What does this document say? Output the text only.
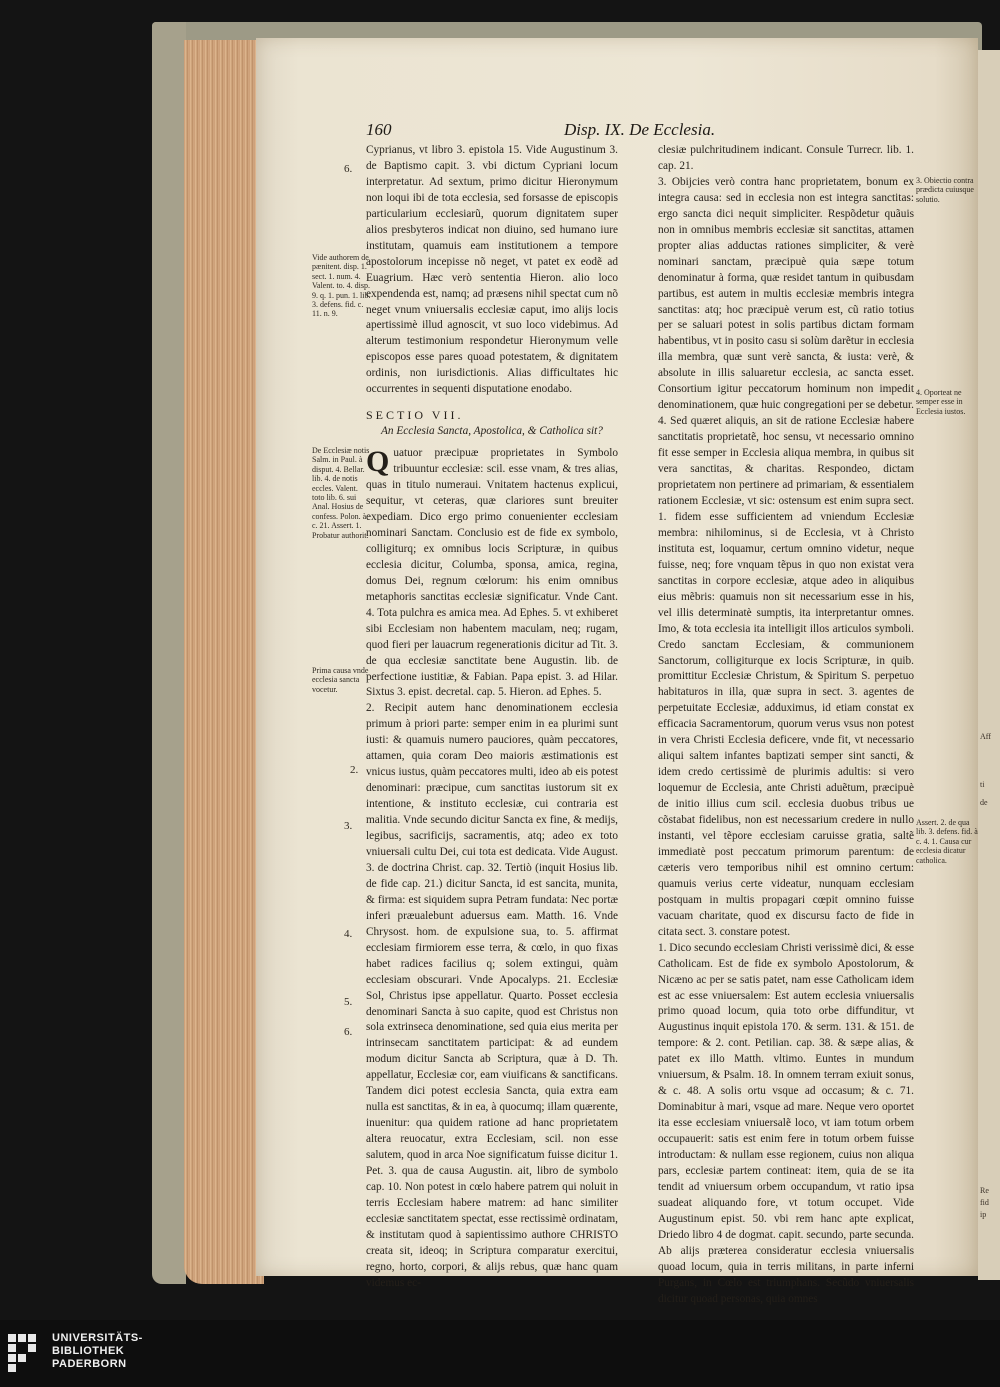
Aff
ti
de
Re
fid
ip
160	Disp. IX. De Ecclesia.

Cyprianus, vt libro 3. epistola 15. Vide Augustinum 3. de Baptismo capit. 3. vbi dictum Cypriani locum interpretatur. Ad sextum, primo dicitur Hieronymum non loqui ibi de tota ecclesia, sed forsasse de episcopis particularium ecclesiarũ, quorum dignitatem super alios presbyteros indicat non diuino, sed humano iure institutam, quamuis eam institutionem a tempore apostolorum incepisse nõ neget, vt patet ex eodẽ ad Euagrium. Hæc verò sententia Hieron. alio loco expendenda est, namq; ad præsens nihil spectat cum nõ neget vnum vniuersalis ecclesiæ caput, imo alijs locis apertissimè illud agnoscit, vt suo loco videbimus. Ad alterum testimonium respondetur Hieronymum velle episcopos esse pares quoad potestatem, & dignitatem ordinis, non iurisdictionis. Alias difficultates hic occurrentes in sequenti disputatione enodabo.

SECTIO VII.

An Ecclesia Sancta, Apostolica, & Catholica sit?

Quatuor præcipuæ proprietates in Symbolo tribuuntur ecclesiæ: scil. esse vnam, & tres alias, quas in titulo numeraui. Vnitatem hactenus explicui, sequitur, vt ceteras, quæ clariores sunt breuiter expediam. Dico ergo primo conuenienter ecclesiam nominari Sanctam. Conclusio est de fide ex symbolo, colligiturq; ex omnibus locis Scripturæ, in quibus ecclesia dicitur, Columba, sponsa, amica, regina, domus Dei, regnum cœlorum: his enim omnibus metaphoris sanctitas ecclesiæ significatur. Vnde Cant. 4. Tota pulchra es amica mea. Ad Ephes. 5. vt exhiberet sibi Ecclesiam non habentem maculam, neq; rugam, quod fieri per lauacrum regenerationis dicitur ad Tit. 3. de qua ecclesiæ sanctitate bene Augustin. lib. de perfectione iustitiæ, & Fabian. Papa epist. 3. ad Hilar. Sixtus 3. epist. decretal. cap. 5. Hieron. ad Ephes. 5.

2. Recipit autem hanc denominationem ecclesia primum à priori parte: semper enim in ea plurimi sunt iusti: & quamuis numero pauciores, quàm peccatores, attamen, quia coram Deo maioris æstimationis est vnicus iustus, quàm peccatores multi, ideo ab eis potest denominari: præcipue, cum sanctitas iustorum sit ex intentione, & instituto ecclesiæ, cui contraria est malitia. Vnde secundo dicitur Sancta ex fine, & medijs, legibus, sacrificijs, sacramentis, atq; adeo ex toto vniuersali cultu Dei, cui tota est dedicata. Vide August. 3. de doctrina Christ. cap. 32. Tertiò (inquit Hosius lib. de fide cap. 21.) dicitur Sancta, id est sancita, munita, & firma: est siquidem supra Petram fundata: Nec portæ inferi præualebunt aduersus eam. Matth. 16. Vnde Chrysost. hom. de expulsione sua, to. 5. affirmat ecclesiam firmiorem esse terra, & cœlo, in quo fixas habet radices facilius q; solem extingui, quàm ecclesiam obscurari. Vnde Apocalyps. 21. Ecclesiæ Sol, Christus ipse appellatur. Quarto. Posset ecclesia denominari Sancta à suo capite, quod est Christus non sola extrinseca denominatione, sed quia eius merita per intrinsecam sanctitatem participat: & ad eundem modum dicitur Sancta ab Scriptura, quæ à D. Th. appellatur, Ecclesiæ cor, eam viuificans & sanctificans. Tandem dici potest ecclesia Sancta, quia extra eam nulla est sanctitas, & in ea, à quocumq; illam quærente, inuenitur: qua quidem ratione ad hanc proprietatem altera reuocatur, extra Ecclesiam, scil. non esse salutem, quod in arca Noe significatum fuisse dicitur 1. Pet. 3. qua de causa Augustin. ait, libro de symbolo cap. 10. Non potest in cœlo habere patrem qui noluit in terris Ecclesiam habere matrem: ad hanc similiter ecclesiæ sanctitatem spectat, esse rectissimè ordinatam, & institutam quod à sapientissimo authore CHRISTO creata sit, ideoq; in Scriptura comparatur exercitui, regno, horto, corpori, & alijs rebus, quæ hanc quam videmus ec-

clesiæ pulchritudinem indicant. Consule Turrecr. lib. 1. cap. 21.

3. Obijcies verò contra hanc proprietatem, bonum ex integra causa: sed in ecclesia non est integra sanctitas: ergo sancta dici nequit simpliciter. Respõdetur quãuis non in omnibus membris ecclesiæ sit sanctitas, attamen propter alias adductas rationes simpliciter, & verè nominari sanctam, præcipuè quia sæpe totum denominatur à forma, quæ residet tantum in quibusdam partibus, est autem in multis ecclesiæ membris integra sanctitas: atq; hoc præcipuè verum est, cũ ratio totius per se saluari potest in solis partibus dictam formam habentibus, vt in posito casu si solùm darẽtur in ecclesia illa membra, quæ sunt verè sancta, & iusta: verè, & absolute in illis saluaretur ecclesia, ac sancta esset. Consortium igitur peccatorum hominum non impedit denominationem, quæ huic congregationi per se debetur.

4. Sed quæret aliquis, an sit de ratione Ecclesiæ habere sanctitatis proprietatẽ, hoc sensu, vt necessario omnino fit esse semper in Ecclesia aliqua membra, in quibus sit vera sanctitas, & charitas. Respondeo, dictam proprietatem non pertinere ad primariam, & essentialem rationem Ecclesiæ, vt sic: ostensum est enim supra sect. 1. fidem esse sufficientem ad vniendum Ecclesiæ membra: nihilominus, si de Ecclesia, vt à Christo instituta est, loquamur, certum omnino videtur, neque fuisse, neq; fore vnquam tẽpus in quo non existat vera sanctitas in corpore ecclesiæ, atque adeo in aliquibus eius mẽbris: quamuis non sit necessarium esse in his, vel illis determinatè sumptis, ita interpretantur omnes. Imo, & tota ecclesia ita intelligit illos articulos symboli. Credo sanctam Ecclesiam, & communionem Sanctorum, colligiturque ex locis Scripturæ, in quib. promittitur Ecclesiæ Christum, & Spiritum S. perpetuo habitaturos in illa, quæ supra in sect. 3. agentes de perpetuitate Ecclesiæ, adduximus, id etiam constat ex efficacia Sacramentorum, quorum verus vsus non potest in vera Christi Ecclesia deficere, vnde fit, vt necessario aliqui saltem infantes baptizati semper sint sancti, & idem credo certissimè de plurimis adultis: si vero loquemur de Ecclesia, ante Christi aduẽtum, præcipuè de initio illius cum scil. ecclesia duobus tribus ue cõstabat fidelibus, non est necessarium credere in nullo instanti, vel tẽpore ecclesiam caruisse gratia, saltẽ immediatè post peccatum primorum parentum: de cæteris vero temporibus nihil est omnino certum: quamuis verius certe videatur, nunquam ecclesiam postquam in multis propagari cœpit omnino fuisse vacuam charitate, quod ex discursu facto de fide in citata sect. 3. constare potest.

1. Dico secundo ecclesiam Christi verissimè dici, & esse Catholicam. Est de fide ex symbolo Apostolorum, & Nicæno ac per se satis patet, nam esse Catholicam idem est ac esse vniuersalem: Est autem ecclesia vniuersalis primo quoad locum, quia toto orbe diffunditur, vt Augustinus inquit epistola 170. & serm. 131. & 151. de tempore: & 2. cont. Petilian. cap. 38. & sæpe alias, & patet ex illo Matth. vltimo. Euntes in mundum vniuersum, & Psalm. 18. In omnem terram exiuit sonus, & c. 48. A solis ortu vsque ad occasum; & c. 71. Dominabitur à mari, vsque ad mare. Neque vero oportet ita esse ecclesiam vniuersalẽ loco, vt iam totum orbem occupauerit: satis est enim fere in totum orbem fuisse introductam: & nullam esse regionem, cuius non aliqua pars, ecclesiæ partem contineat: item, quia de se ita tendit ad vniuersum orbem occupandum, vt ratio ipsa suadeat aliquando fore, vt totum occupet. Vide Augustinum epist. 50. vbi rem hanc apte explicat, Driedo libro 4 de dogmat. capit. secundo, parte secunda. Ab alijs præterea consideratur ecclesia vniuersalis quoad locum, quia in terris militans, in parte inferni Purgans, in Cœlo est triumphans. Secũdo vniuersalis dicitur quoad personas, quia omnes

6.
Vide authorem de pænitent. disp. 1. sect. 1. num. 4. Valent. to. 4. disp. 9. q. 1. pun. 1. lib. 3. defens. fid. c. 11. n. 9.
De Ecclesiæ notis Salm. in Paul. à disput. 4. Bellar. lib. 4. de notis eccles. Valent. toto lib. 6. sui Anal. Hosius de confess. Polon. à c. 21. Assert. 1. Probatur authorit.
Prima causa vnde ecclesia sancta vocetur.
2.
3.
4.
5.
6.
3. Obiectio contra prædicta cuiusque solutio.
4. Oporteat ne semper esse in Ecclesia iustos.
Assert. 2. de qua lib. 3. defens. fid. à c. 4. 1. Causa cur ecclesia dicatur catholica.
UNIVERSITÄTS-
BIBLIOTHEK
PADERBORN
